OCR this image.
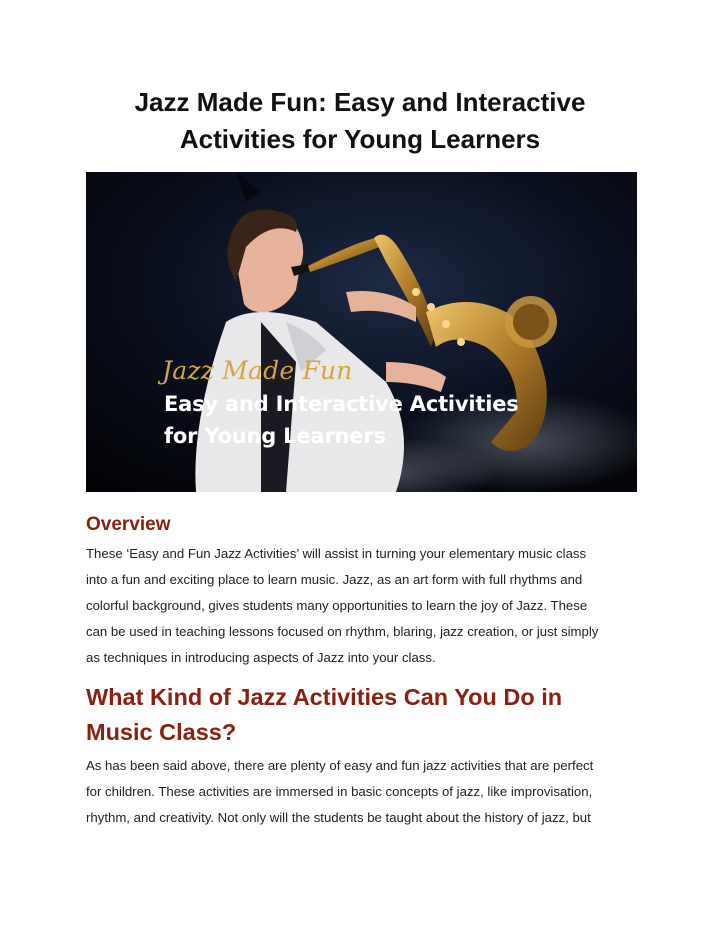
Jazz Made Fun: Easy and Interactive
Activities for Young Learners
Jazz Made Fun
Easy and Interactive Activities
for Young Learners
Overview
These ‘Easy and Fun Jazz Activities’ will assist in turning your elementary music class
into a fun and exciting place to learn music. Jazz, as an art form with full rhythms and
colorful background, gives students many opportunities to learn the joy of Jazz. These
can be used in teaching lessons focused on rhythm, blaring, jazz creation, or just simply
as techniques in introducing aspects of Jazz into your class.
What Kind of Jazz Activities Can You Do in
Music Class?
As has been said above, there are plenty of easy and fun jazz activities that are perfect
for children. These activities are immersed in basic concepts of jazz, like improvisation,
rhythm, and creativity. Not only will the students be taught about the history of jazz, but
